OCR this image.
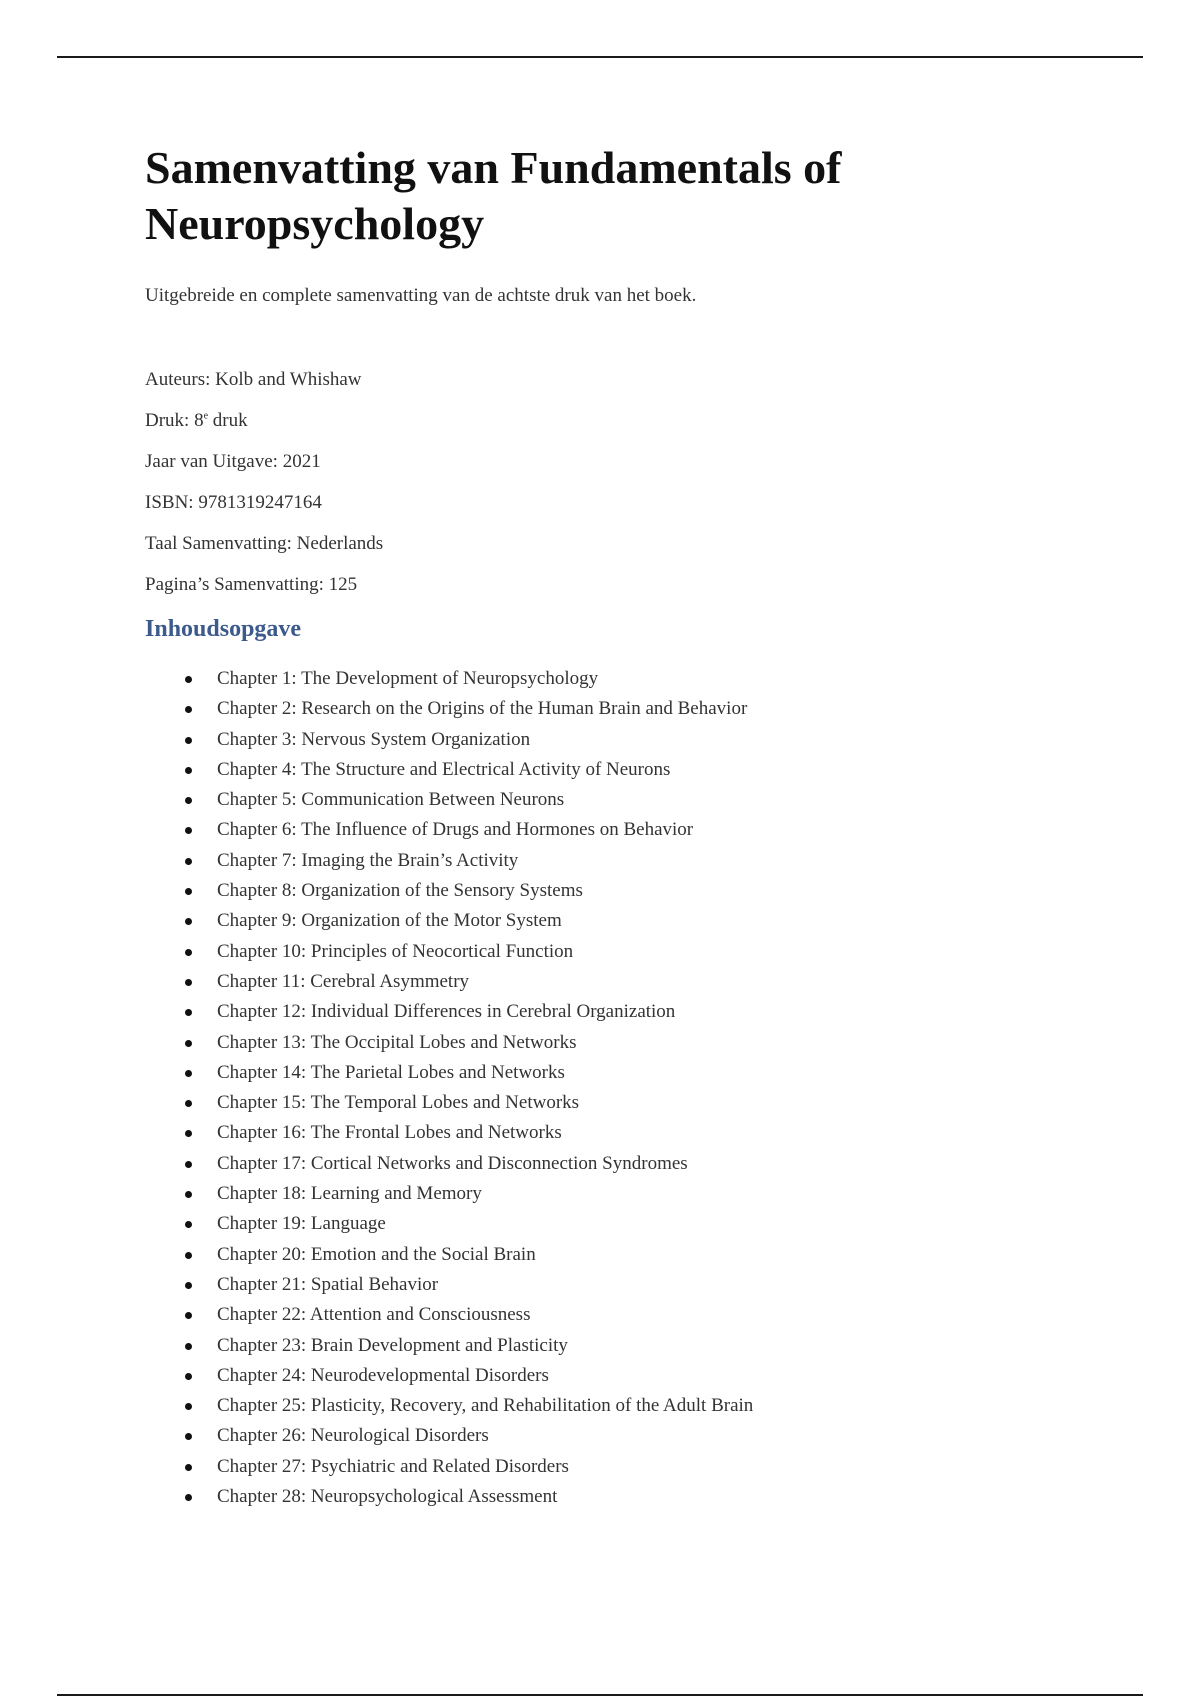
Samenvatting van Fundamentals of
Neuropsychology
Uitgebreide en complete samenvatting van de achtste druk van het boek.
Auteurs: Kolb and Whishaw
Druk: 8e druk
Jaar van Uitgave: 2021
ISBN: 9781319247164
Taal Samenvatting: Nederlands
Pagina’s Samenvatting: 125
Inhoudsopgave
Chapter 1: The Development of Neuropsychology
Chapter 2: Research on the Origins of the Human Brain and Behavior
Chapter 3: Nervous System Organization
Chapter 4: The Structure and Electrical Activity of Neurons
Chapter 5: Communication Between Neurons
Chapter 6: The Influence of Drugs and Hormones on Behavior
Chapter 7: Imaging the Brain’s Activity
Chapter 8: Organization of the Sensory Systems
Chapter 9: Organization of the Motor System
Chapter 10: Principles of Neocortical Function
Chapter 11: Cerebral Asymmetry
Chapter 12: Individual Differences in Cerebral Organization
Chapter 13: The Occipital Lobes and Networks
Chapter 14: The Parietal Lobes and Networks
Chapter 15: The Temporal Lobes and Networks
Chapter 16: The Frontal Lobes and Networks
Chapter 17: Cortical Networks and Disconnection Syndromes
Chapter 18: Learning and Memory
Chapter 19: Language
Chapter 20: Emotion and the Social Brain
Chapter 21: Spatial Behavior
Chapter 22: Attention and Consciousness
Chapter 23: Brain Development and Plasticity
Chapter 24: Neurodevelopmental Disorders
Chapter 25: Plasticity, Recovery, and Rehabilitation of the Adult Brain
Chapter 26: Neurological Disorders
Chapter 27: Psychiatric and Related Disorders
Chapter 28: Neuropsychological Assessment
